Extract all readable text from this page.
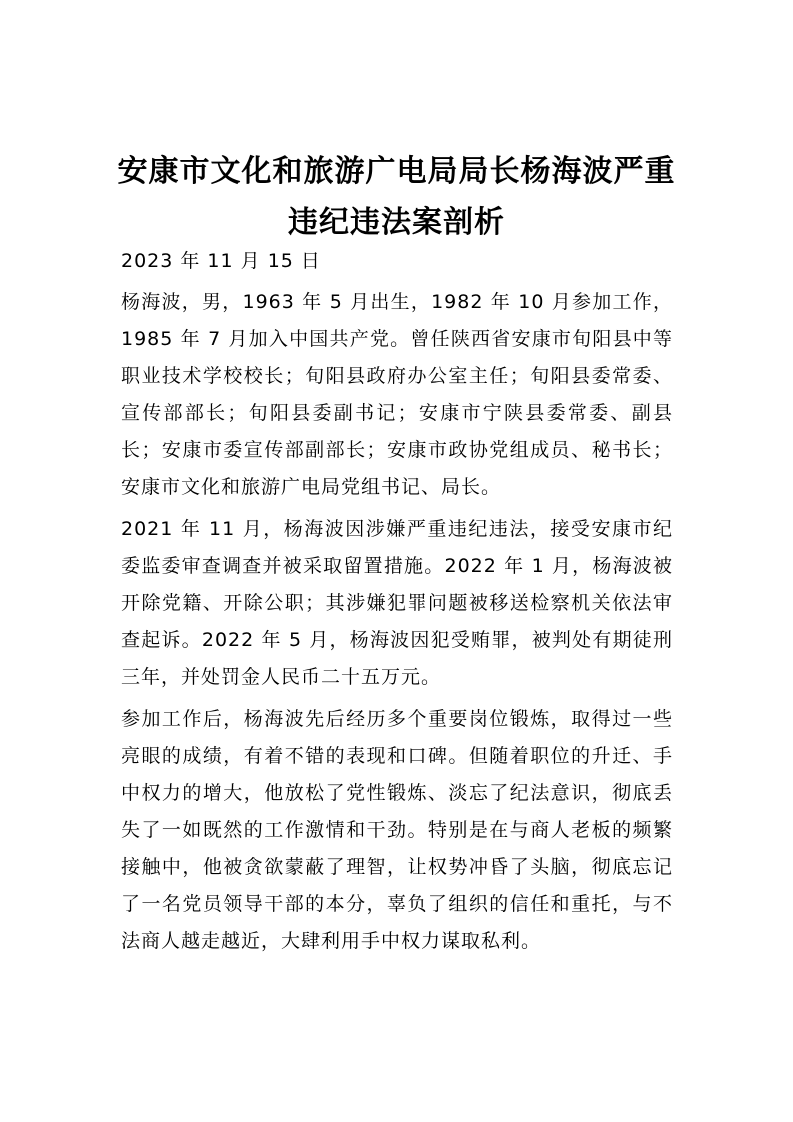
安康市文化和旅游广电局局长杨海波严重
违纪违法案剖析

2023 年 11 月 15 日

杨海波，男，1963 年 5 月出生，1982 年 10 月参加工作，1985 年 7 月加入中国共产党。曾任陕西省安康市旬阳县中等职业技术学校校长；旬阳县政府办公室主任；旬阳县委常委、宣传部部长；旬阳县委副书记；安康市宁陕县委常委、副县长；安康市委宣传部副部长；安康市政协党组成员、秘书长；安康市文化和旅游广电局党组书记、局长。

2021 年 11 月，杨海波因涉嫌严重违纪违法，接受安康市纪委监委审查调查并被采取留置措施。2022 年 1 月，杨海波被开除党籍、开除公职；其涉嫌犯罪问题被移送检察机关依法审查起诉。2022 年 5 月，杨海波因犯受贿罪，被判处有期徒刑三年，并处罚金人民币二十五万元。

参加工作后，杨海波先后经历多个重要岗位锻炼，取得过一些亮眼的成绩，有着不错的表现和口碑。但随着职位的升迁、手中权力的增大，他放松了党性锻炼、淡忘了纪法意识，彻底丢失了一如既然的工作激情和干劲。特别是在与商人老板的频繁接触中，他被贪欲蒙蔽了理智，让权势冲昏了头脑，彻底忘记了一名党员领导干部的本分，辜负了组织的信任和重托，与不法商人越走越近，大肆利用手中权力谋取私利。
